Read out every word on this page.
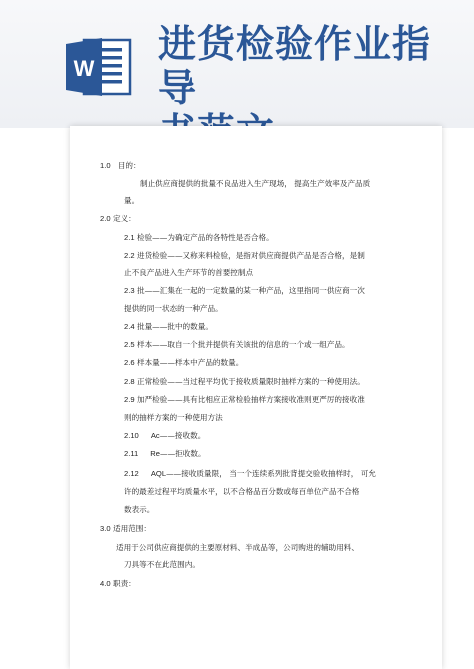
W
进货检验作业指导
1.0 目的：
制止供应商提供的批量不良品进入生产现场， 提高生产效率及产品质
量。
2.0 定义：
2.1 检验——为确定产品的各特性是否合格。
2.2 进货检验——又称来料检验，是指对供应商提供产品是否合格，是制
止不良产品进入生产环节的首要控制点
2.3 批——汇集在一起的一定数量的某一种产品，这里指同一供应商一次
提供的同一状态的一种产品。
2.4 批量——批中的数量。
2.5 样本——取自一个批并提供有关该批的信息的一个或一组产品。
2.6 样本量——样本中产品的数量。
2.8 正常检验——当过程平均优于接收质量限时抽样方案的一种使用法。
2.9 加严检验——具有比相应正常检验抽样方案接收准则更严厉的接收准
则的抽样方案的一种使用方法
2.10 Ac——接收数。
2.11 Re——拒收数。
2.12 AQL——接收质量限， 当一个连续系列批背提交验收抽样时， 可允
许的最差过程平均质量水平，以不合格品百分数或每百单位产品不合格
数表示。
3.0 适用范围：
适用于公司供应商提供的主要原材料、半成品等，公司购进的辅助用料、
刀具等不在此范围内。
4.0 职责：
